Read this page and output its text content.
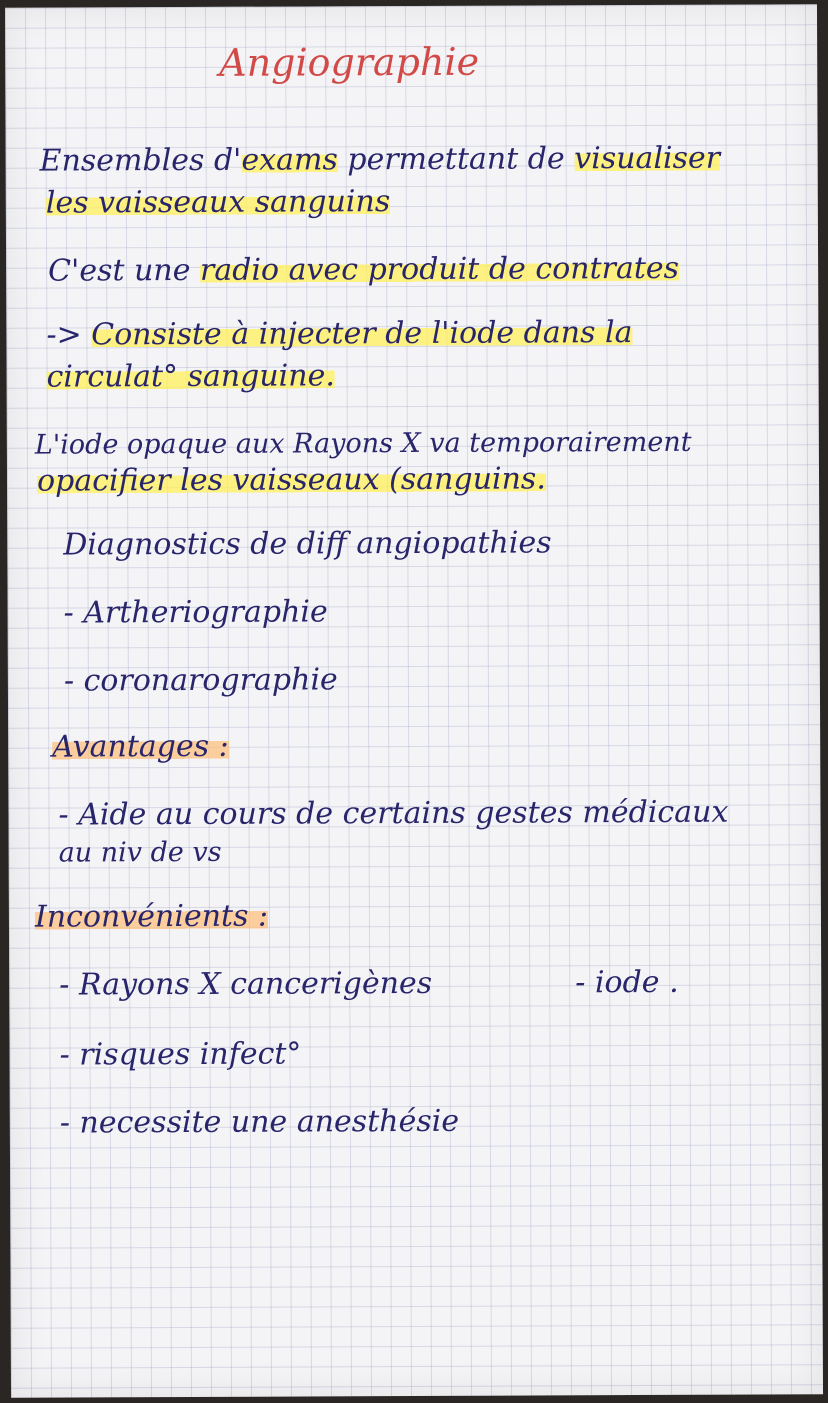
Angiographie
Ensembles d'exams permettant de visualiser
les vaisseaux sanguins
C'est une radio avec produit de contrates
-> Consiste à injecter de l'iode dans la
circulat° sanguine.
L'iode opaque aux Rayons X va temporairement
opacifier les vaisseaux (sanguins.
Diagnostics de diff angiopathies
- Artheriographie
- coronarographie
Avantages :
- Aide au cours de certains gestes médicaux
au niv de vs
Inconvénients :
- Rayons X cancerigènes	- iode .
- risques infect°
- necessite une anesthésie
